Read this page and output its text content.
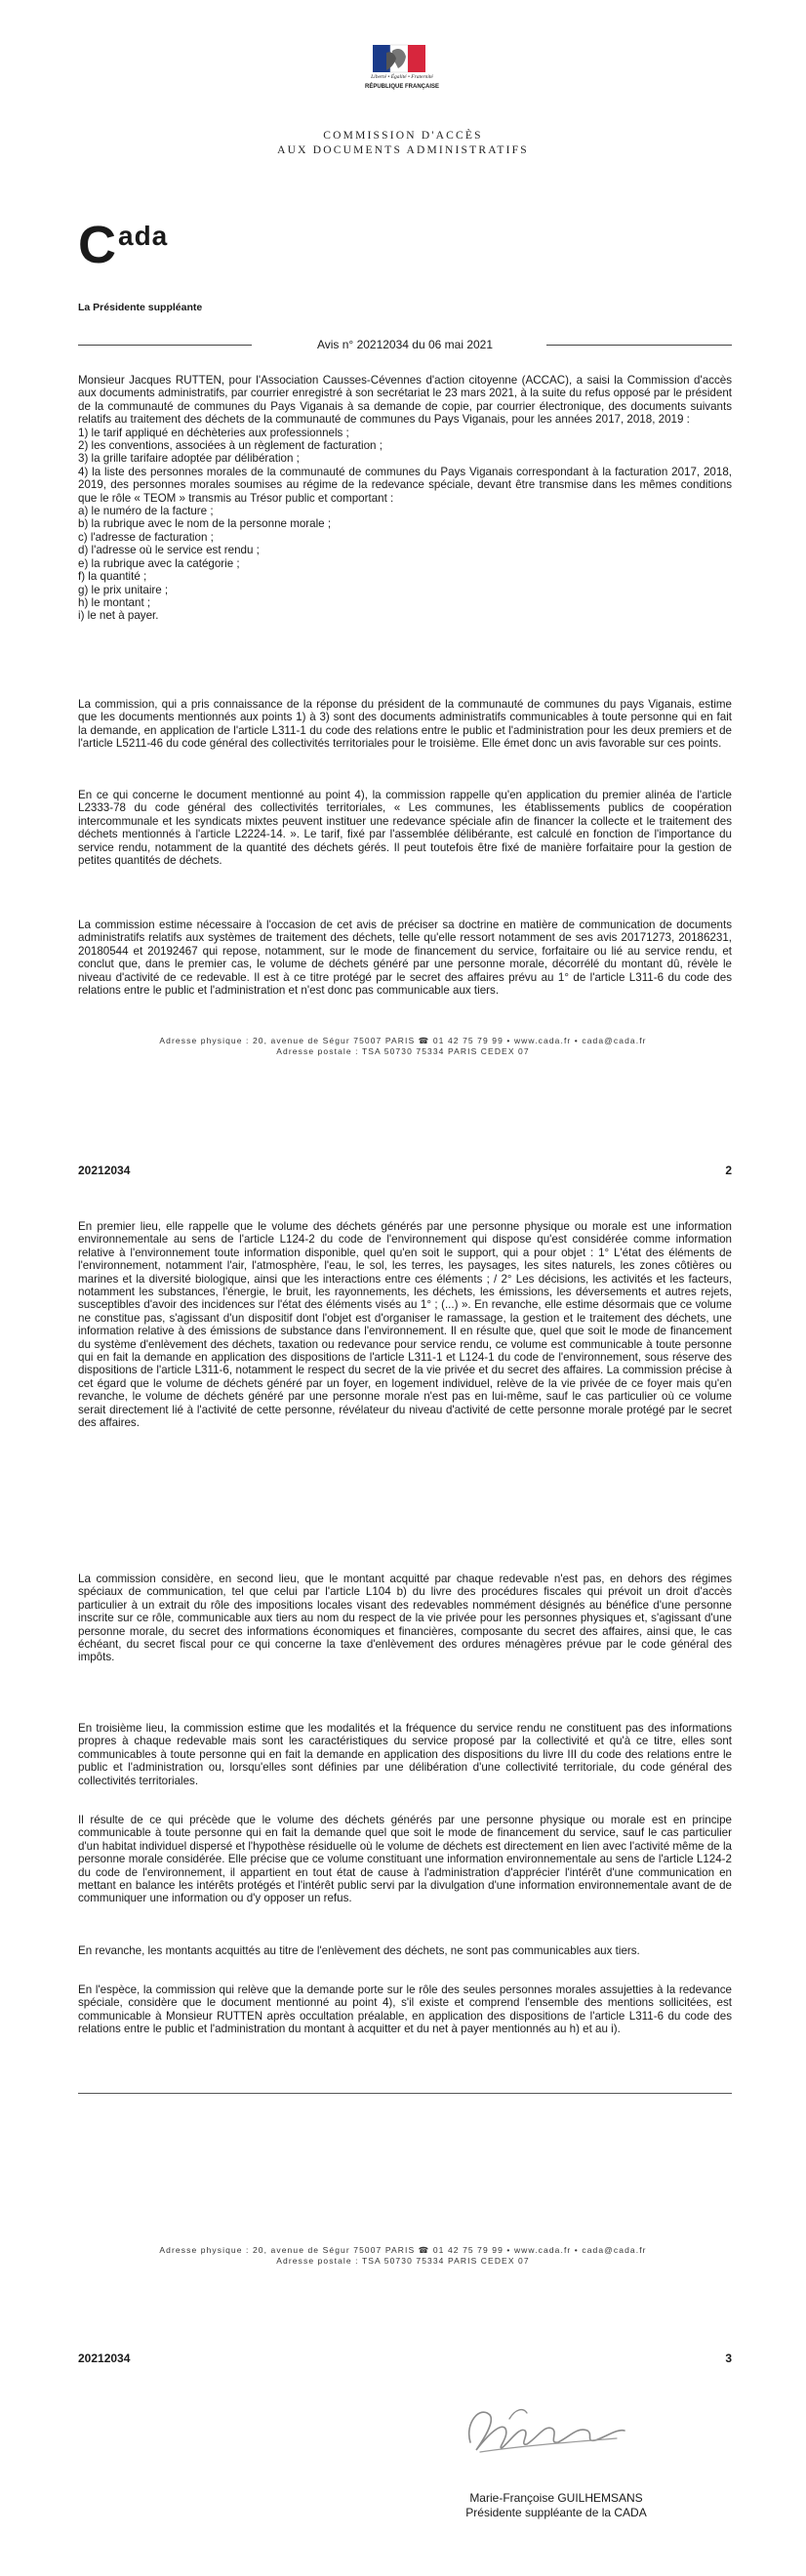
Liberté • Égalité • Fraternité
RÉPUBLIQUE FRANÇAISE
COMMISSION D'ACCÈS
AUX DOCUMENTS ADMINISTRATIFS
Cada
La Présidente suppléante
Avis n° 20212034 du 06 mai 2021

Monsieur Jacques RUTTEN, pour l'Association Causses-Cévennes d'action citoyenne (ACCAC), a saisi la Commission d'accès aux documents administratifs, par courrier enregistré à son secrétariat le 23 mars 2021, à la suite du refus opposé par le président de la communauté de communes du Pays Viganais à sa demande de copie, par courrier électronique, des documents suivants relatifs au traitement des déchets de la communauté de communes du Pays Viganais, pour les années 2017, 2018, 2019 :

1) le tarif appliqué en déchèteries aux professionnels ;
2) les conventions, associées à un règlement de facturation ;
3) la grille tarifaire adoptée par délibération ;
4) la liste des personnes morales de la communauté de communes du Pays Viganais correspondant à la facturation 2017, 2018, 2019, des personnes morales soumises au régime de la redevance spéciale, devant être transmise dans les mêmes conditions que le rôle « TEOM » transmis au Trésor public et comportant :
a) le numéro de la facture ;
b) la rubrique avec le nom de la personne morale ;
c) l'adresse de facturation ;
d) l'adresse où le service est rendu ;
e) la rubrique avec la catégorie ;
f) la quantité ;
g) le prix unitaire ;
h) le montant ;
i) le net à payer.
La commission, qui a pris connaissance de la réponse du président de la communauté de communes du pays Viganais, estime que les documents mentionnés aux points 1) à 3) sont des documents administratifs communicables à toute personne qui en fait la demande, en application de l'article L311-1 du code des relations entre le public et l'administration pour les deux premiers et de l'article L5211-46 du code général des collectivités territoriales pour le troisième. Elle émet donc un avis favorable sur ces points.
En ce qui concerne le document mentionné au point 4), la commission rappelle qu'en application du premier alinéa de l'article L2333-78 du code général des collectivités territoriales, « Les communes, les établissements publics de coopération intercommunale et les syndicats mixtes peuvent instituer une redevance spéciale afin de financer la collecte et le traitement des déchets mentionnés à l'article L2224-14. ». Le tarif, fixé par l'assemblée délibérante, est calculé en fonction de l'importance du service rendu, notamment de la quantité des déchets gérés. Il peut toutefois être fixé de manière forfaitaire pour la gestion de petites quantités de déchets.
La commission estime nécessaire à l'occasion de cet avis de préciser sa doctrine en matière de communication de documents administratifs relatifs aux systèmes de traitement des déchets, telle qu'elle ressort notamment de ses avis 20171273, 20186231, 20180544 et 20192467 qui repose, notamment, sur le mode de financement du service, forfaitaire ou lié au service rendu, et conclut que, dans le premier cas, le volume de déchets généré par une personne morale, décorrélé du montant dû, révèle le niveau d'activité de ce redevable. Il est à ce titre protégé par le secret des affaires prévu au 1° de l'article L311-6 du code des relations entre le public et l'administration et n'est donc pas communicable aux tiers.
Adresse physique : 20, avenue de Ségur 75007 PARIS ☎ 01 42 75 79 99 • www.cada.fr • cada@cada.fr
Adresse postale : TSA 50730 75334 PARIS CEDEX 07
20212034	2
En premier lieu, elle rappelle que le volume des déchets générés par une personne physique ou morale est une information environnementale au sens de l'article L124-2 du code de l'environnement qui dispose qu'est considérée comme information relative à l'environnement toute information disponible, quel qu'en soit le support, qui a pour objet : 1° L'état des éléments de l'environnement, notamment l'air, l'atmosphère, l'eau, le sol, les terres, les paysages, les sites naturels, les zones côtières ou marines et la diversité biologique, ainsi que les interactions entre ces éléments ; / 2° Les décisions, les activités et les facteurs, notamment les substances, l'énergie, le bruit, les rayonnements, les déchets, les émissions, les déversements et autres rejets, susceptibles d'avoir des incidences sur l'état des éléments visés au 1° ; (...) ». En revanche, elle estime désormais que ce volume ne constitue pas, s'agissant d'un dispositif dont l'objet est d'organiser le ramassage, la gestion et le traitement des déchets, une information relative à des émissions de substance dans l'environnement. Il en résulte que, quel que soit le mode de financement du système d'enlèvement des déchets, taxation ou redevance pour service rendu, ce volume est communicable à toute personne qui en fait la demande en application des dispositions de l'article L311-1 et L124-1 du code de l'environnement, sous réserve des dispositions de l'article L311-6, notamment le respect du secret de la vie privée et du secret des affaires. La commission précise à cet égard que le volume de déchets généré par un foyer, en logement individuel, relève de la vie privée de ce foyer mais qu'en revanche, le volume de déchets généré par une personne morale n'est pas en lui-même, sauf le cas particulier où ce volume serait directement lié à l'activité de cette personne, révélateur du niveau d'activité de cette personne morale protégé par le secret des affaires.
La commission considère, en second lieu, que le montant acquitté par chaque redevable n'est pas, en dehors des régimes spéciaux de communication, tel que celui par l'article L104 b) du livre des procédures fiscales qui prévoit un droit d'accès particulier à un extrait du rôle des impositions locales visant des redevables nommément désignés au bénéfice d'une personne inscrite sur ce rôle, communicable aux tiers au nom du respect de la vie privée pour les personnes physiques et, s'agissant d'une personne morale, du secret des informations économiques et financières, composante du secret des affaires, ainsi que, le cas échéant, du secret fiscal pour ce qui concerne la taxe d'enlèvement des ordures ménagères prévue par le code général des impôts.
En troisième lieu, la commission estime que les modalités et la fréquence du service rendu ne constituent pas des informations propres à chaque redevable mais sont les caractéristiques du service proposé par la collectivité et qu'à ce titre, elles sont communicables à toute personne qui en fait la demande en application des dispositions du livre III du code des relations entre le public et l'administration ou, lorsqu'elles sont définies par une délibération d'une collectivité territoriale, du code général des collectivités territoriales.
Il résulte de ce qui précède que le volume des déchets générés par une personne physique ou morale est en principe communicable à toute personne qui en fait la demande quel que soit le mode de financement du service, sauf le cas particulier d'un habitat individuel dispersé et l'hypothèse résiduelle où le volume de déchets est directement en lien avec l'activité même de la personne morale considérée. Elle précise que ce volume constituant une information environnementale au sens de l'article L124-2 du code de l'environnement, il appartient en tout état de cause à l'administration d'apprécier l'intérêt d'une communication en mettant en balance les intérêts protégés et l'intérêt public servi par la divulgation d'une information environnementale avant de de communiquer une information ou d'y opposer un refus.
En revanche, les montants acquittés au titre de l'enlèvement des déchets, ne sont pas communicables aux tiers.
En l'espèce, la commission qui relève que la demande porte sur le rôle des seules personnes morales assujetties à la redevance spéciale, considère que le document mentionné au point 4), s'il existe et comprend l'ensemble des mentions sollicitées, est communicable à Monsieur RUTTEN après occultation préalable, en application des dispositions de l'article L311-6 du code des relations entre le public et l'administration du montant à acquitter et du net à payer mentionnés au h) et au i).
Adresse physique : 20, avenue de Ségur 75007 PARIS ☎ 01 42 75 79 99 • www.cada.fr • cada@cada.fr
Adresse postale : TSA 50730 75334 PARIS CEDEX 07
20212034	3
Marie-Françoise GUILHEMSANS
Présidente suppléante de la CADA
